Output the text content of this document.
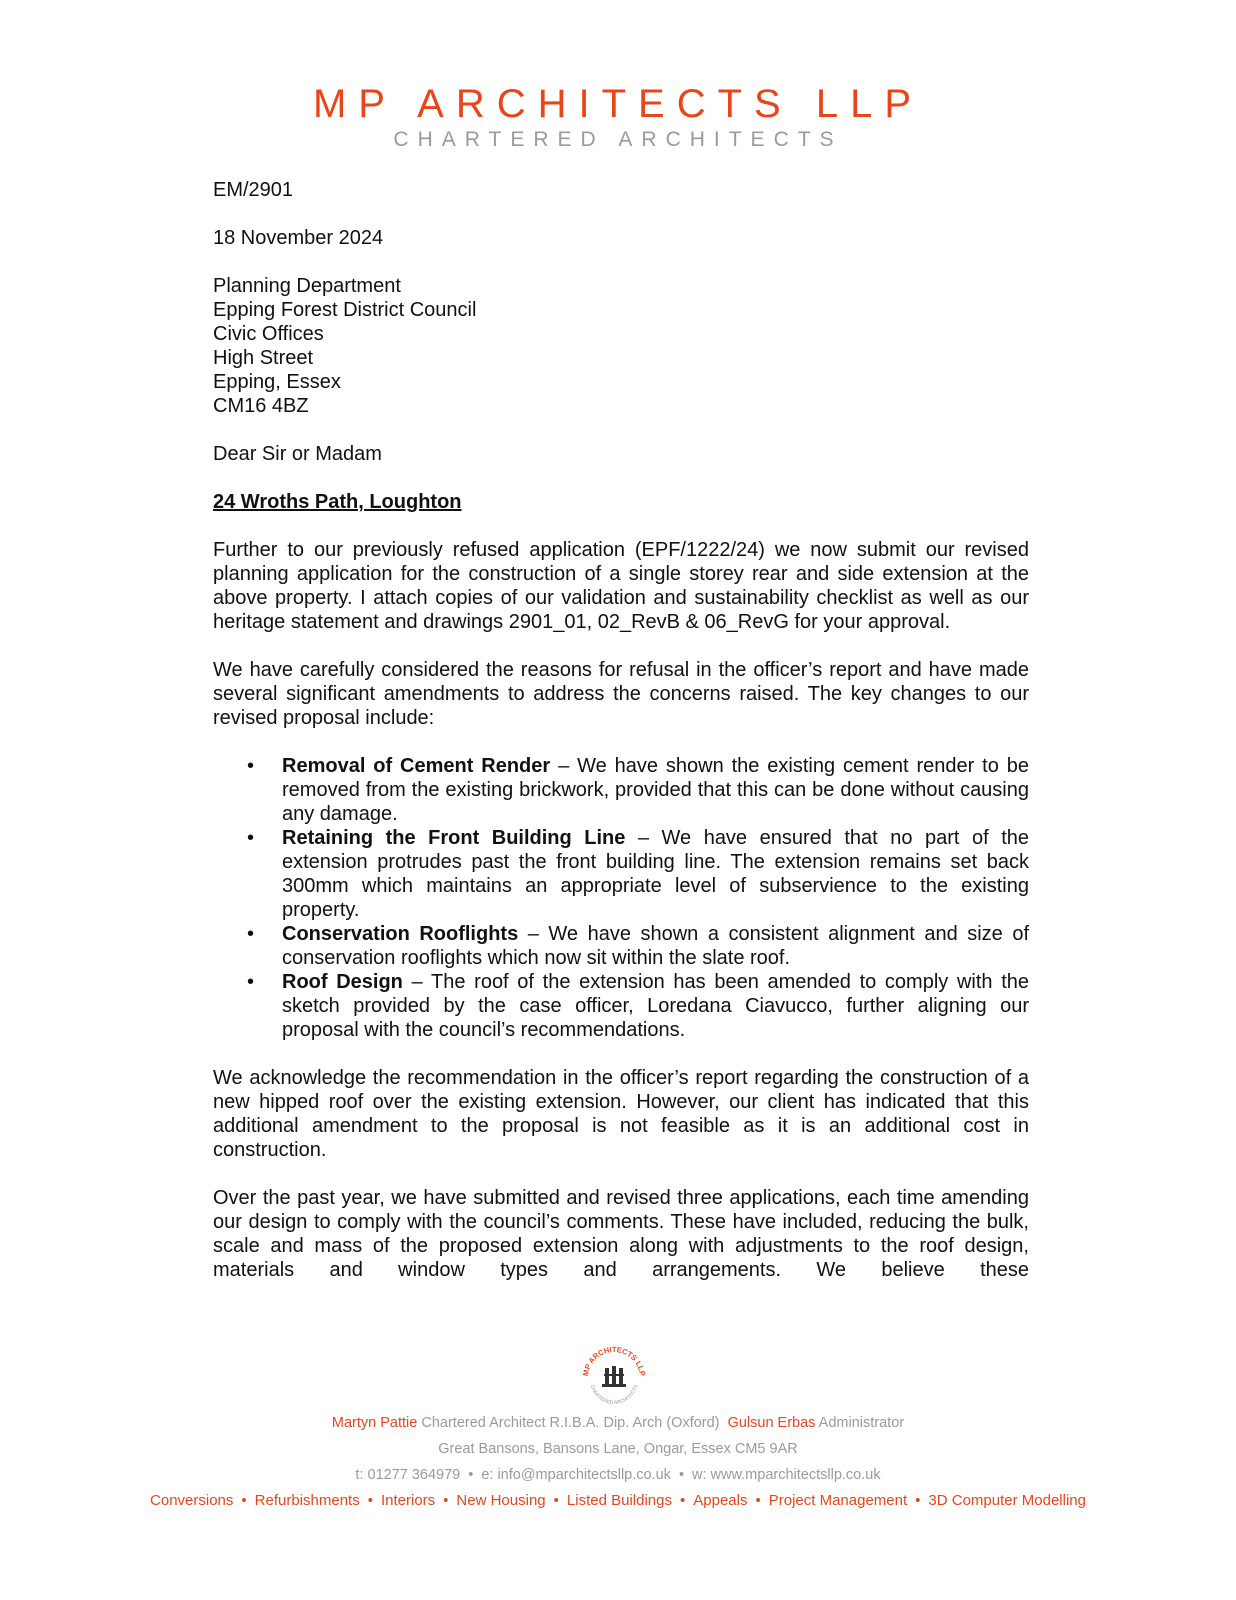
MP ARCHITECTS LLP
CHARTERED ARCHITECTS

EM/2901

18 November 2024

Planning Department

Epping Forest District Council

Civic Offices

High Street

Epping, Essex

CM16 4BZ

Dear Sir or Madam

24 Wroths Path, Loughton

Further to our previously refused application (EPF/1222/24) we now submit our revised planning application for the construction of a single storey rear and side extension at the above property. I attach copies of our validation and sustainability checklist as well as our heritage statement and drawings 2901_01, 02_RevB & 06_RevG for your approval.

We have carefully considered the reasons for refusal in the officer’s report and have made several significant amendments to address the concerns raised. The key changes to our revised proposal include:

• Removal of Cement Render – We have shown the existing cement render to be removed from the existing brickwork, provided that this can be done without causing any damage.
• Retaining the Front Building Line – We have ensured that no part of the extension protrudes past the front building line. The extension remains set back 300mm which maintains an appropriate level of subservience to the existing property.
• Conservation Rooflights – We have shown a consistent alignment and size of conservation rooflights which now sit within the slate roof.
• Roof Design – The roof of the extension has been amended to comply with the sketch provided by the case officer, Loredana Ciavucco, further aligning our proposal with the council’s recommendations.

We acknowledge the recommendation in the officer’s report regarding the construction of a new hipped roof over the existing extension. However, our client has indicated that this additional amendment to the proposal is not feasible as it is an additional cost in construction.

Over the past year, we have submitted and revised three applications, each time amending our design to comply with the council’s comments. These have included, reducing the bulk, scale and mass of the proposed extension along with adjustments to the roof design, materials and window types and arrangements. We believe these

MP ARCHITECTS LLP
CHARTERED ARCHITECTS
Martyn Pattie Chartered Architect R.I.B.A. Dip. Arch (Oxford) Gulsun Erbas Administrator
Great Bansons, Bansons Lane, Ongar, Essex CM5 9AR
t: 01277 364979 • e: info@mparchitectsllp.co.uk • w: www.mparchitectsllp.co.uk
Conversions • Refurbishments • Interiors • New Housing • Listed Buildings • Appeals • Project Management • 3D Computer Modelling
